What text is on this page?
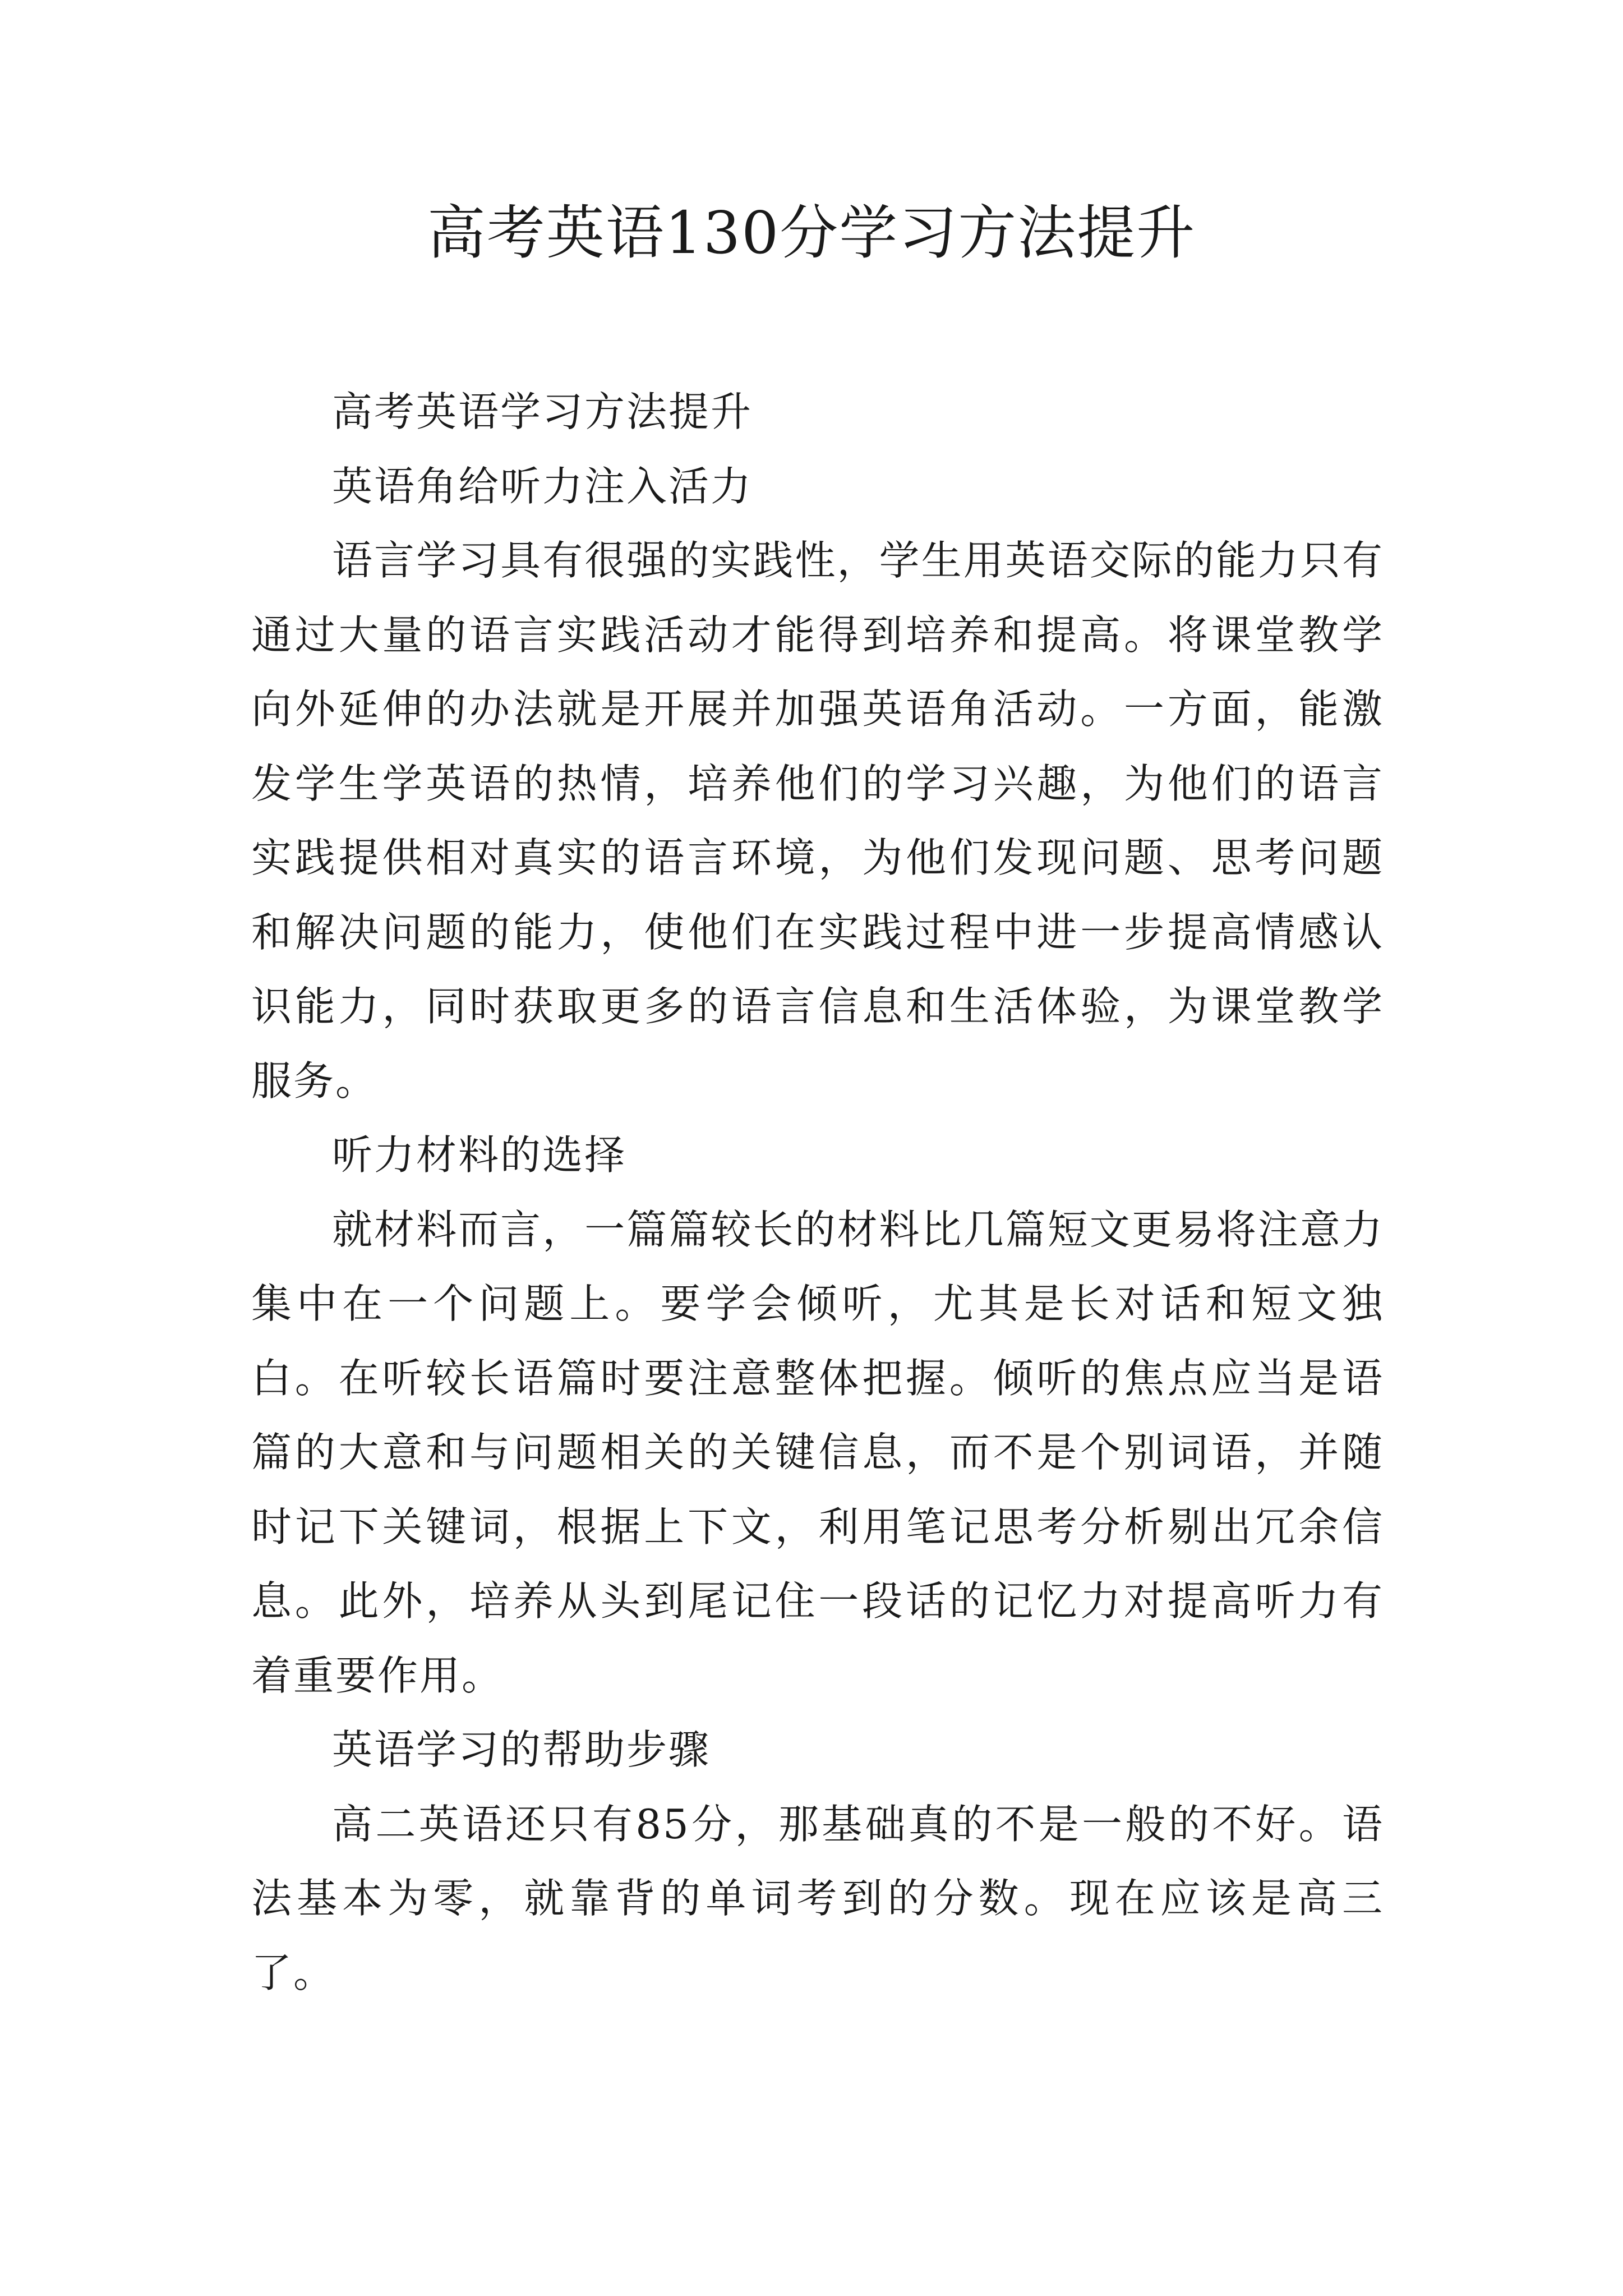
高考英语130分学习方法提升

高考英语学习方法提升

英语角给听力注入活力

语言学习具有很强的实践性，学生用英语交际的能力只有通过大量的语言实践活动才能得到培养和提高。将课堂教学向外延伸的办法就是开展并加强英语角活动。一方面，能激发学生学英语的热情，培养他们的学习兴趣，为他们的语言实践提供相对真实的语言环境，为他们发现问题、思考问题和解决问题的能力，使他们在实践过程中进一步提高情感认识能力，同时获取更多的语言信息和生活体验，为课堂教学服务。

听力材料的选择

就材料而言，一篇篇较长的材料比几篇短文更易将注意力集中在一个问题上。要学会倾听，尤其是长对话和短文独白。在听较长语篇时要注意整体把握。倾听的焦点应当是语篇的大意和与问题相关的关键信息，而不是个别词语，并随时记下关键词，根据上下文，利用笔记思考分析剔出冗余信息。此外，培养从头到尾记住一段话的记忆力对提高听力有着重要作用。

英语学习的帮助步骤

高二英语还只有85分，那基础真的不是一般的不好。语法基本为零，就靠背的单词考到的分数。现在应该是高三了。
